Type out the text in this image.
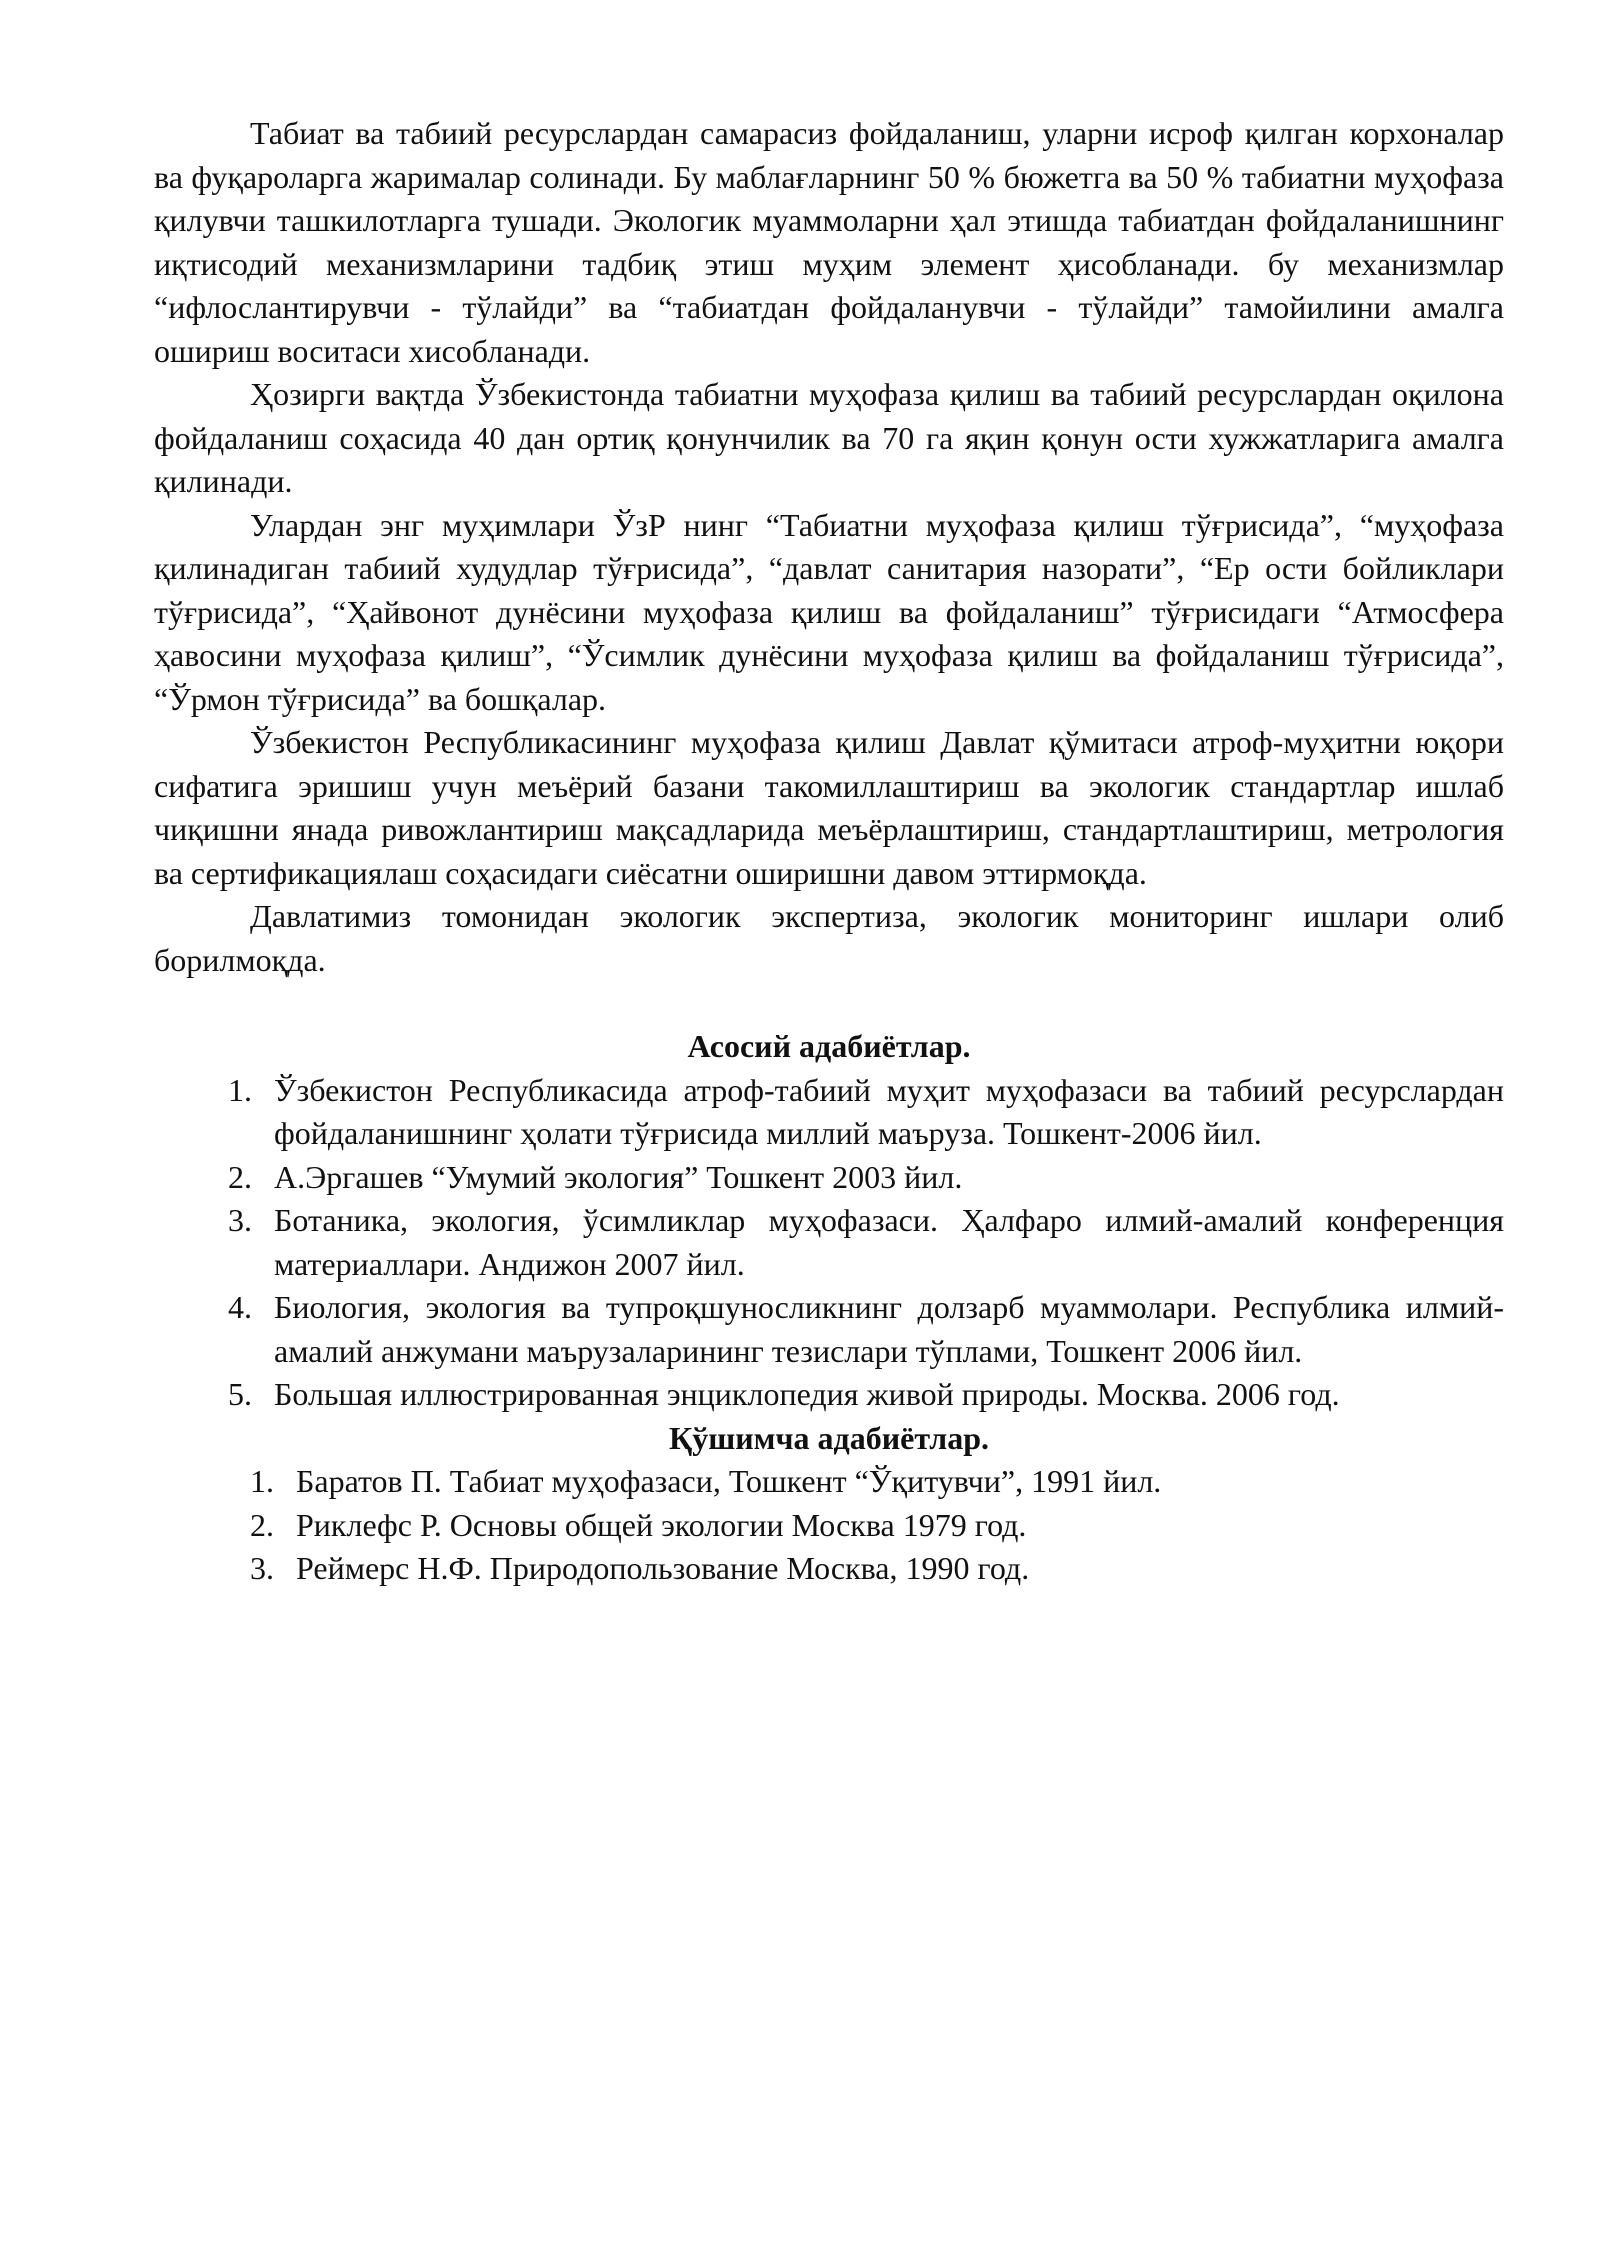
Табиат ва табиий ресурслардан самарасиз фойдаланиш, уларни исроф қилган корхоналар ва фуқароларга жарималар солинади. Бу маблағларнинг 50 % бюжетга ва 50 % табиатни муҳофаза қилувчи ташкилотларга тушади. Экологик муаммоларни ҳал этишда табиатдан фойдаланишнинг иқтисодий механизмларини тадбиқ этиш муҳим элемент ҳисобланади. бу механизмлар “ифлослантирувчи - тўлайди” ва “табиатдан фойдаланувчи - тўлайди” тамойилини амалга ошириш воситаси хисобланади.

Ҳозирги вақтда Ўзбекистонда табиатни муҳофаза қилиш ва табиий ресурслардан оқилона фойдаланиш соҳасида 40 дан ортиқ қонунчилик ва 70 га яқин қонун ости хужжатларига амалга қилинади.

Улардан энг муҳимлари ЎзР нинг “Табиатни муҳофаза қилиш тўғрисида”, “муҳофаза қилинадиган табиий худудлар тўғрисида”, “давлат санитария назорати”, “Ер ости бойликлари тўғрисида”, “Ҳайвонот дунёсини муҳофаза қилиш ва фойдаланиш” тўғрисидаги “Атмосфера ҳавосини муҳофаза қилиш”, “Ўсимлик дунёсини муҳофаза қилиш ва фойдаланиш тўғрисида”, “Ўрмон тўғрисида” ва бошқалар.

Ўзбекистон Республикасининг муҳофаза қилиш Давлат қўмитаси атроф-муҳитни юқори сифатига эришиш учун меъёрий базани такомиллаштириш ва экологик стандартлар ишлаб чиқишни янада ривожлантириш мақсадларида меъёрлаштириш, стандартлаштириш, метрология ва сертификациялаш соҳасидаги сиёсатни оширишни давом эттирмоқда.

Давлатимиз томонидан экологик экспертиза, экологик мониторинг ишлари олиб борилмоқда.

Асосий адабиётлар.

1. Ўзбекистон Республикасида атроф-табиий муҳит муҳофазаси ва табиий ресурслардан фойдаланишнинг ҳолати тўғрисида миллий маъруза. Тошкент-2006 йил.
2. А.Эргашев “Умумий экология” Тошкент 2003 йил.
3. Ботаника, экология, ўсимликлар муҳофазаси. Ҳалфаро илмий-амалий конференция материаллари. Андижон 2007 йил.
4. Биология, экология ва тупроқшуносликнинг долзарб муаммолари. Республика илмий-амалий анжумани маърузаларининг тезислари тўплами, Тошкент 2006 йил.
5. Большая иллюстрированная энциклопедия живой природы. Москва. 2006 год.

Қўшимча адабиётлар.

1. Баратов П. Табиат муҳофазаси, Тошкент “Ўқитувчи”, 1991 йил.
2. Риклефс Р. Основы общей экологии Москва 1979 год.
3. Реймерс Н.Ф. Природопользование Москва, 1990 год.
